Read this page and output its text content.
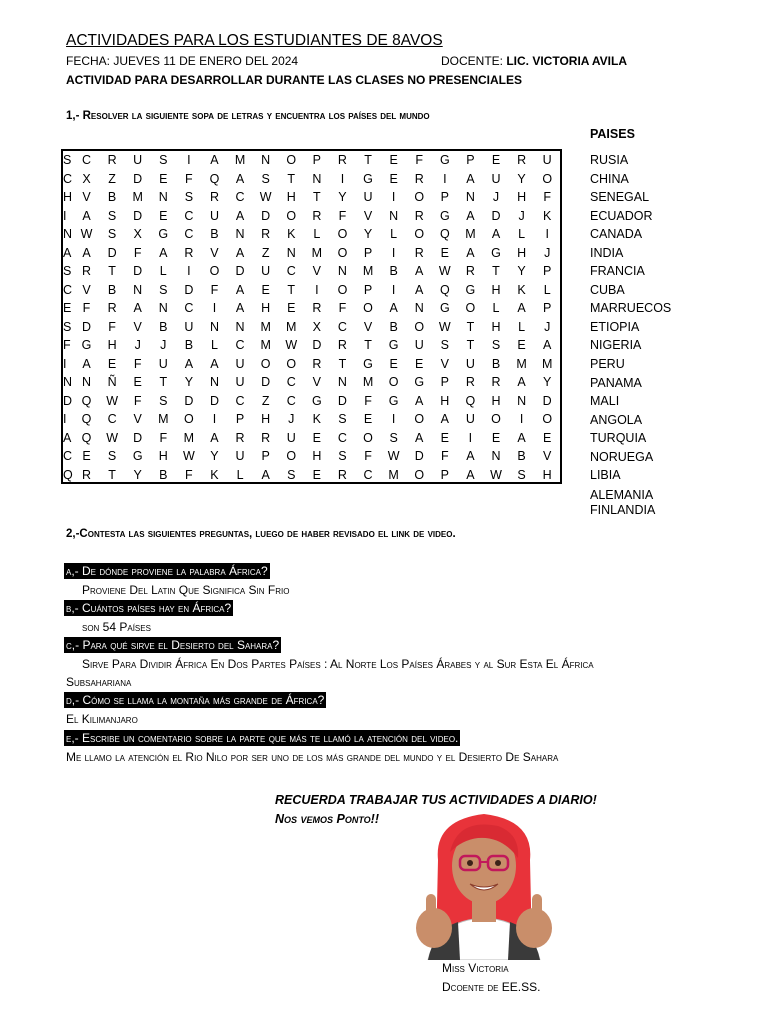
ACTIVIDADES PARA LOS ESTUDIANTES DE 8AVOS
FECHA: JUEVES 11 DE ENERO DEL 2024	DOCENTE: LIC. VICTORIA AVILA
ACTIVIDAD PARA DESARROLLAR DURANTE LAS CLASES NO PRESENCIALES
1,- Resolver la siguiente sopa de letras y encuentra los países del mundo
PAISES
S C	R	U	S	I	A	M	N	O	P	R	T	E	F	G	P	E	R	U
C X	Z	D	E	F	Q	A	S	T	N	I	G	E	R	I	A	U	Y	O
H V	B	M	N	S	R	C	W	H	T	Y	U	I	O	P	N	J	H	F
I	A	S	D	E	C	U	A	D	O	R	F	V	N	R	G	A	D	J	K
N W	S	X	G	C	B	N	R	K	L	O	Y	L	O	Q	M	A	L	I
A A	D	F	A	R	V	A	Z	N	M	O	P	I	R	E	A	G	H	J
S R	T	D	L	I	O	D	U	C	V	N	M	B	A	W	R	T	Y	P
C V	B	N	S	D	F	A	E	T	I	O	P	I	A	Q	G	H	K	L
E F	R	A	N	C	I	A	H	E	R	F	O	A	N	G	O	L	A	P
S D	F	V	B	U	N	N	M	M	X	C	V	B	O	W	T	H	L	J
F G	H	J	J	B	L	C	M	W	D	R	T	G	U	S	T	S	E	A
I	A	E	F	U	A	A	U	O	O	R	T	G	E	E	V	U	B	M	M
N N	Ñ	E	T	Y	N	U	D	C	V	N	M	O	G	P	R	R	A	Y
D Q	W	F	S	D	D	C	Z	C	G	D	F	G	A	H	Q	H	N	D
I	Q	C	V	M	O	I	P	H	J	K	S	E	I	O	A	U	O	I	O
A Q	W	D	F	M	A	R	R	U	E	C	O	S	A	E	I	E	A	E
C E	S	G	H	W	Y	U	P	O	H	S	F	W	D	F	A	N	B	V
Q R	T	Y	B	F	K	L	A	S	E	R	C	M	O	P	A	W	S	H
RUSIA
CHINA
SENEGAL
ECUADOR
CANADA
INDIA
FRANCIA
CUBA
MARRUECOS
ETIOPIA
NIGERIA
PERU
PANAMA
MALI
ANGOLA
TURQUIA
NORUEGA
LIBIA
ALEMANIA
FINLANDIA
2,-Contesta las siguientes preguntas, luego de haber revisado el link de video.
a,- De dónde proviene la palabra África?
Proviene Del Latin Que Significa Sin Frio
b,- Cuántos países hay en África?
son 54 Países
c,- Para qué sirve el Desierto del Sahara?
Sirve Para Dividir África En Dos Partes Países : Al Norte Los Países Árabes y al Sur Esta El África
Subsahariana
d,- Cómo se llama la montaña más grande de África?
El Kilimanjaro
e,- Escribe un comentario sobre la parte que más te llamó la atención del video.
Me llamo la atención el Rio Nilo por ser uno de los más grande del mundo y el Desierto De Sahara
RECUERDA TRABAJAR TUS ACTIVIDADES A DIARIO!
Nos vemos Ponto!!
Miss Victoria
Dcoente de EE.SS.
